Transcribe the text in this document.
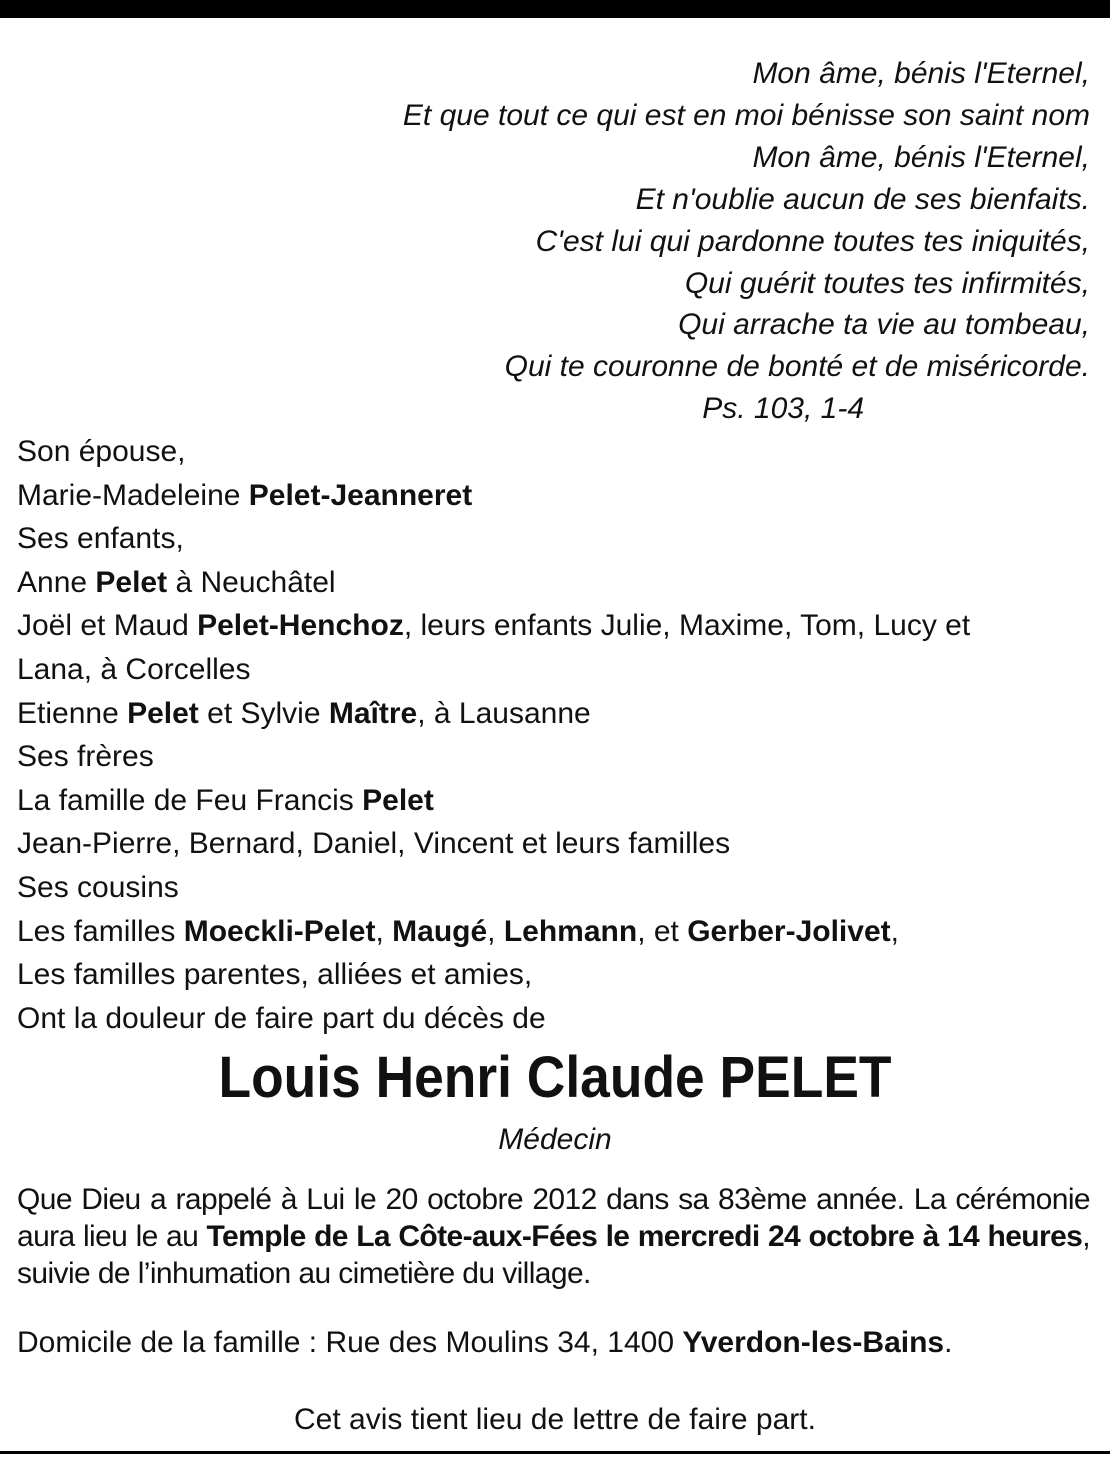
Mon âme, bénis l'Eternel,
Et que tout ce qui est en moi bénisse son saint nom
Mon âme, bénis l'Eternel,
Et n'oublie aucun de ses bienfaits.
C'est lui qui pardonne toutes tes iniquités,
Qui guérit toutes tes infirmités,
Qui arrache ta vie au tombeau,
Qui te couronne de bonté et de miséricorde.
Ps. 103, 1-4
Son épouse,
Marie-Madeleine Pelet-Jeanneret
Ses enfants,
Anne Pelet à Neuchâtel
Joël et Maud Pelet-Henchoz, leurs enfants Julie, Maxime, Tom, Lucy et
Lana, à Corcelles
Etienne Pelet et Sylvie Maître, à Lausanne
Ses frères
La famille de Feu Francis Pelet
Jean-Pierre, Bernard, Daniel, Vincent et leurs familles
Ses cousins
Les familles Moeckli-Pelet, Maugé, Lehmann, et Gerber-Jolivet,
Les familles parentes, alliées et amies,
Ont la douleur de faire part du décès de
Louis Henri Claude PELET
Médecin
Que Dieu a rappelé à Lui le 20 octobre 2012 dans sa 83ème année. La cérémonie aura lieu le au Temple de La Côte-aux-Fées le mercredi 24 octobre à 14 heures, suivie de l’inhumation au cimetière du village.
Domicile de la famille : Rue des Moulins 34, 1400 Yverdon-les-Bains.
Cet avis tient lieu de lettre de faire part.
